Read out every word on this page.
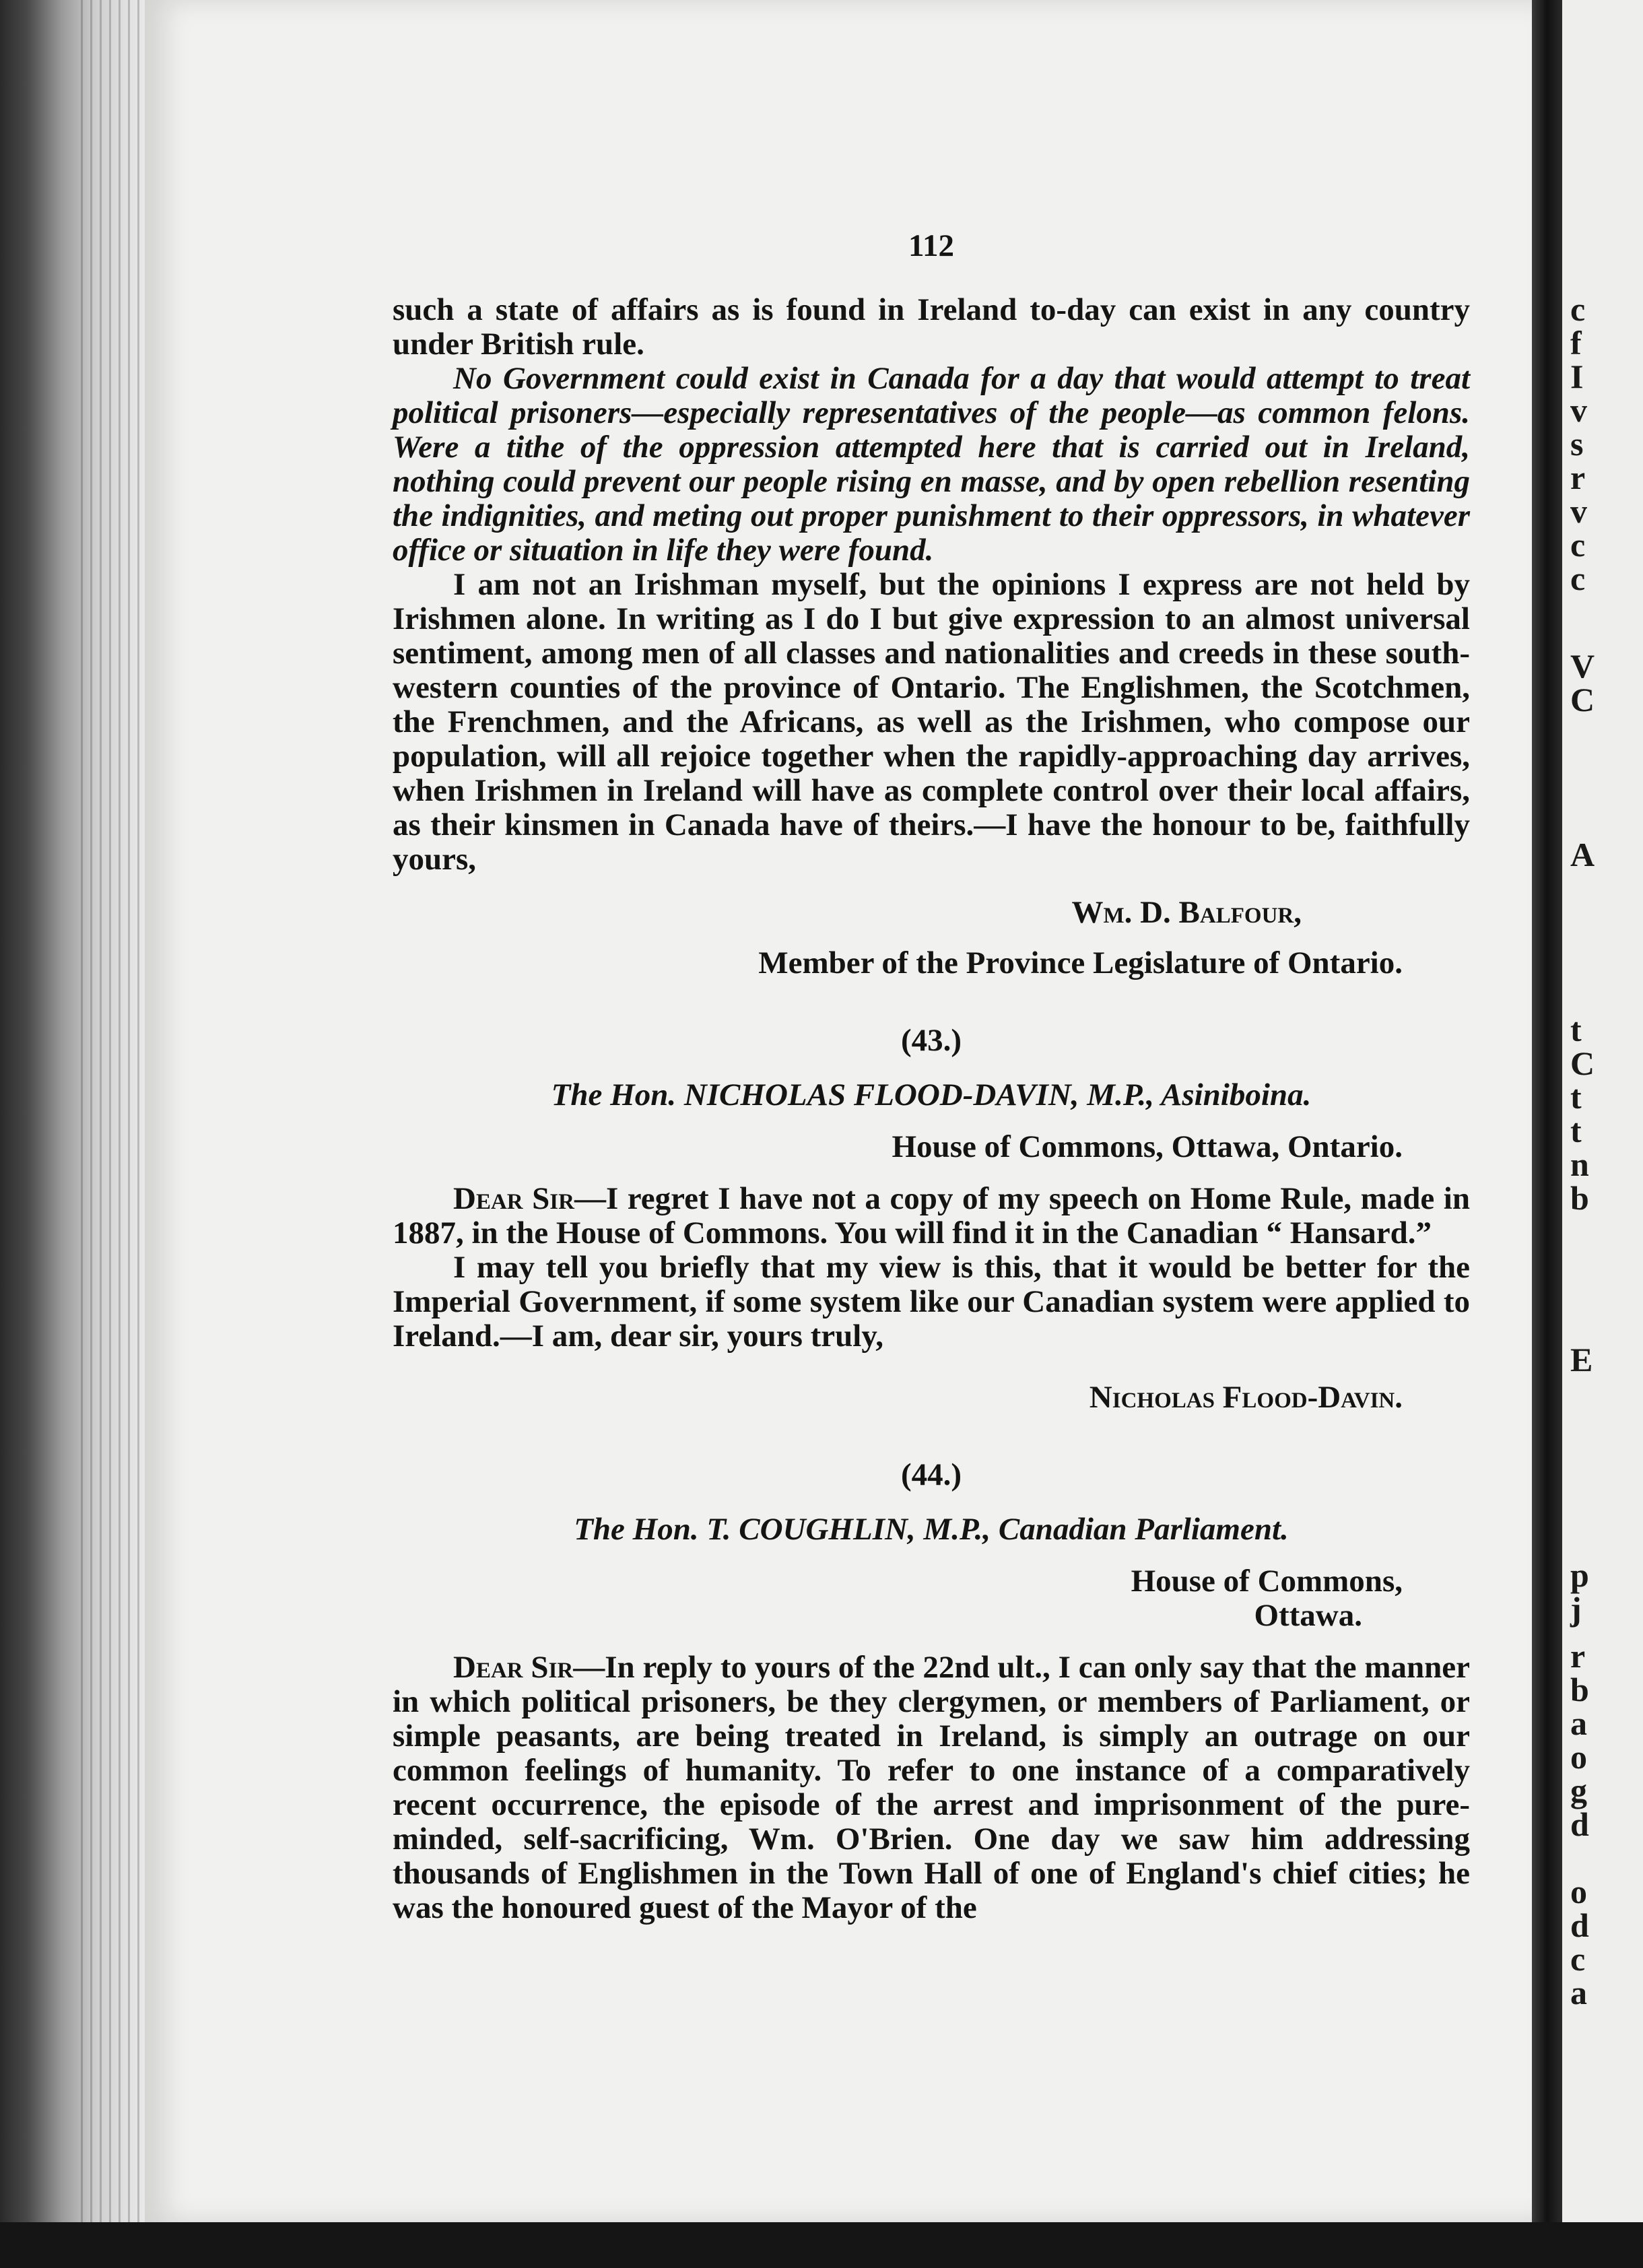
c
f
I
v
s
r
v
c
c
V
C
A
t
C
t
t
n
b
E
p
j
r
b
a
o
g
d
o
d
c
a
112

such a state of affairs as is found in Ireland to-day can exist in any country under British rule.

No Government could exist in Canada for a day that would attempt to treat political prisoners—especially representatives of the people—as common felons. Were a tithe of the oppression attempted here that is carried out in Ireland, nothing could prevent our people rising en masse, and by open rebellion resenting the indignities, and meting out proper punishment to their oppressors, in whatever office or situation in life they were found.

I am not an Irishman myself, but the opinions I express are not held by Irishmen alone. In writing as I do I but give expression to an almost universal sentiment, among men of all classes and nationalities and creeds in these south-western counties of the province of Ontario. The Englishmen, the Scotchmen, the Frenchmen, and the Africans, as well as the Irishmen, who compose our population, will all rejoice together when the rapidly-approaching day arrives, when Irishmen in Ireland will have as complete control over their local affairs, as their kinsmen in Canada have of theirs.—I have the honour to be, faithfully yours,

Wm. D. Balfour,

Member of the Province Legislature of Ontario.

(43.)
The Hon. NICHOLAS FLOOD-DAVIN, M.P., Asiniboina.
House of Commons, Ottawa, Ontario.

Dear Sir—I regret I have not a copy of my speech on Home Rule, made in 1887, in the House of Commons. You will find it in the Canadian “ Hansard.”

I may tell you briefly that my view is this, that it would be better for the Imperial Government, if some system like our Canadian system were applied to Ireland.—I am, dear sir, yours truly,

Nicholas Flood-Davin.

(44.)
The Hon. T. COUGHLIN, M.P., Canadian Parliament.
House of Commons,
Ottawa.

Dear Sir—In reply to yours of the 22nd ult., I can only say that the manner in which political prisoners, be they clergymen, or members of Parliament, or simple peasants, are being treated in Ireland, is simply an outrage on our common feelings of humanity. To refer to one instance of a comparatively recent occurrence, the episode of the arrest and imprisonment of the pure-minded, self-sacrificing, Wm. O'Brien. One day we saw him addressing thousands of Englishmen in the Town Hall of one of England's chief cities; he was the honoured guest of the Mayor of the
